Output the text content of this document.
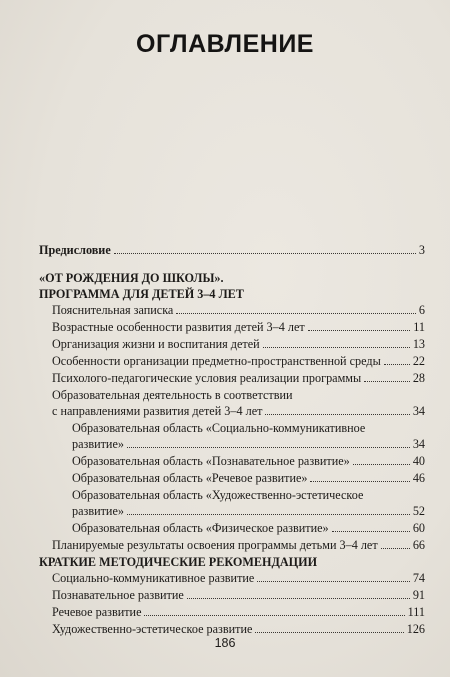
ОГЛАВЛЕНИЕ
Предисловие	3
«ОТ РОЖДЕНИЯ ДО ШКОЛЫ».
ПРОГРАММА ДЛЯ ДЕТЕЙ 3–4 ЛЕТ
Пояснительная записка	6
Возрастные особенности развития детей 3–4 лет	11
Организация жизни и воспитания детей	13
Особенности организации предметно-пространственной среды	22
Психолого-педагогические условия реализации программы	28
Образовательная деятельность в соответствии
с направлениями развития детей 3–4 лет	34
Образовательная область «Социально-коммуникативное
развитие»	34
Образовательная область «Познавательное развитие»	40
Образовательная область «Речевое развитие»	46
Образовательная область «Художественно-эстетическое
развитие»	52
Образовательная область «Физическое развитие»	60
Планируемые результаты освоения программы детьми 3–4 лет	66
КРАТКИЕ МЕТОДИЧЕСКИЕ РЕКОМЕНДАЦИИ
Социально-коммуникативное развитие	74
Познавательное развитие	91
Речевое развитие	111
Художественно-эстетическое развитие	126
186
